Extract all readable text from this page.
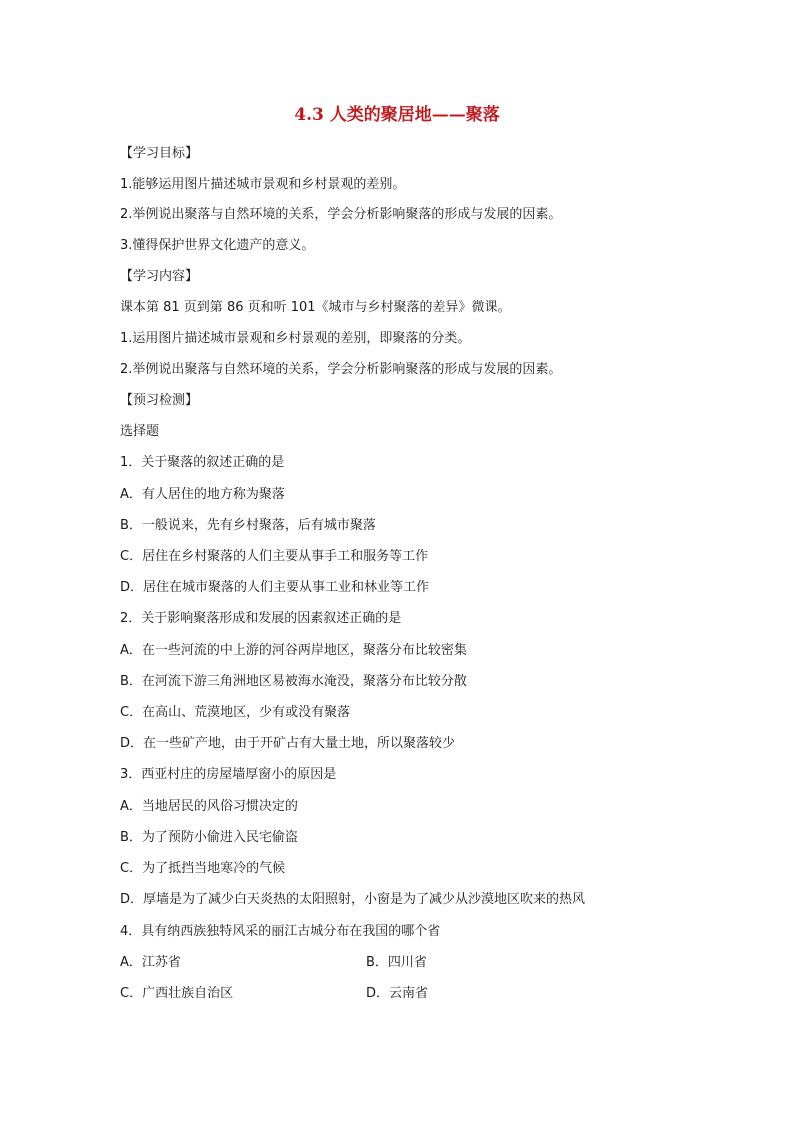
4.3 人类的聚居地——聚落
【学习目标】
1.能够运用图片描述城市景观和乡村景观的差别。
2.举例说出聚落与自然环境的关系，学会分析影响聚落的形成与发展的因素。
3.懂得保护世界文化遗产的意义。
【学习内容】
课本第 81 页到第 86 页和听 101《城市与乡村聚落的差异》微课。
1.运用图片描述城市景观和乡村景观的差别，即聚落的分类。
2.举例说出聚落与自然环境的关系，学会分析影响聚落的形成与发展的因素。
【预习检测】
选择题
1．关于聚落的叙述正确的是
A．有人居住的地方称为聚落
B．一般说来，先有乡村聚落，后有城市聚落
C．居住在乡村聚落的人们主要从事手工和服务等工作
D．居住在城市聚落的人们主要从事工业和林业等工作
2．关于影响聚落形成和发展的因素叙述正确的是
A．在一些河流的中上游的河谷两岸地区，聚落分布比较密集
B．在河流下游三角洲地区易被海水淹没，聚落分布比较分散
C．在高山、荒漠地区，少有或没有聚落
D．在一些矿产地，由于开矿占有大量土地，所以聚落较少
3．西亚村庄的房屋墙厚窗小的原因是
A．当地居民的风俗习惯决定的
B．为了预防小偷进入民宅偷盗
C．为了抵挡当地寒冷的气候
D．厚墙是为了减少白天炎热的太阳照射，小窗是为了减少从沙漠地区吹来的热风
4．具有纳西族独特风采的丽江古城分布在我国的哪个省
A．江苏省	B．四川省
C．广西壮族自治区	D．云南省
